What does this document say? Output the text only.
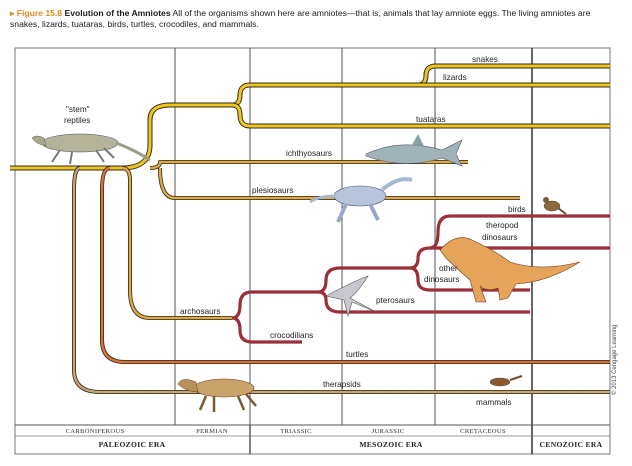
▸ Figure 15.8 Evolution of the Amniotes All of the organisms shown here are amniotes—that is, animals that lay amniote eggs. The living amniotes are snakes, lizards, tuataras, birds, turtles, crocodiles, and mammals.
snakes
lizards
"stem"
reptiles	tuataras
ichthyosaurs
plesiosaurs
birds
theropod
dinosaurs
other
dinosaurs
pterosaurs
archosaurs
crocodilians
turtles
therapsids
mammals
CARBONIFEROUS	PERMIAN	TRIASSIC	JURASSIC	CRETACEOUS
PALEOZOIC ERA	MESOZOIC ERA	CENOZOIC ERA
© 2013 Cengage Learning
